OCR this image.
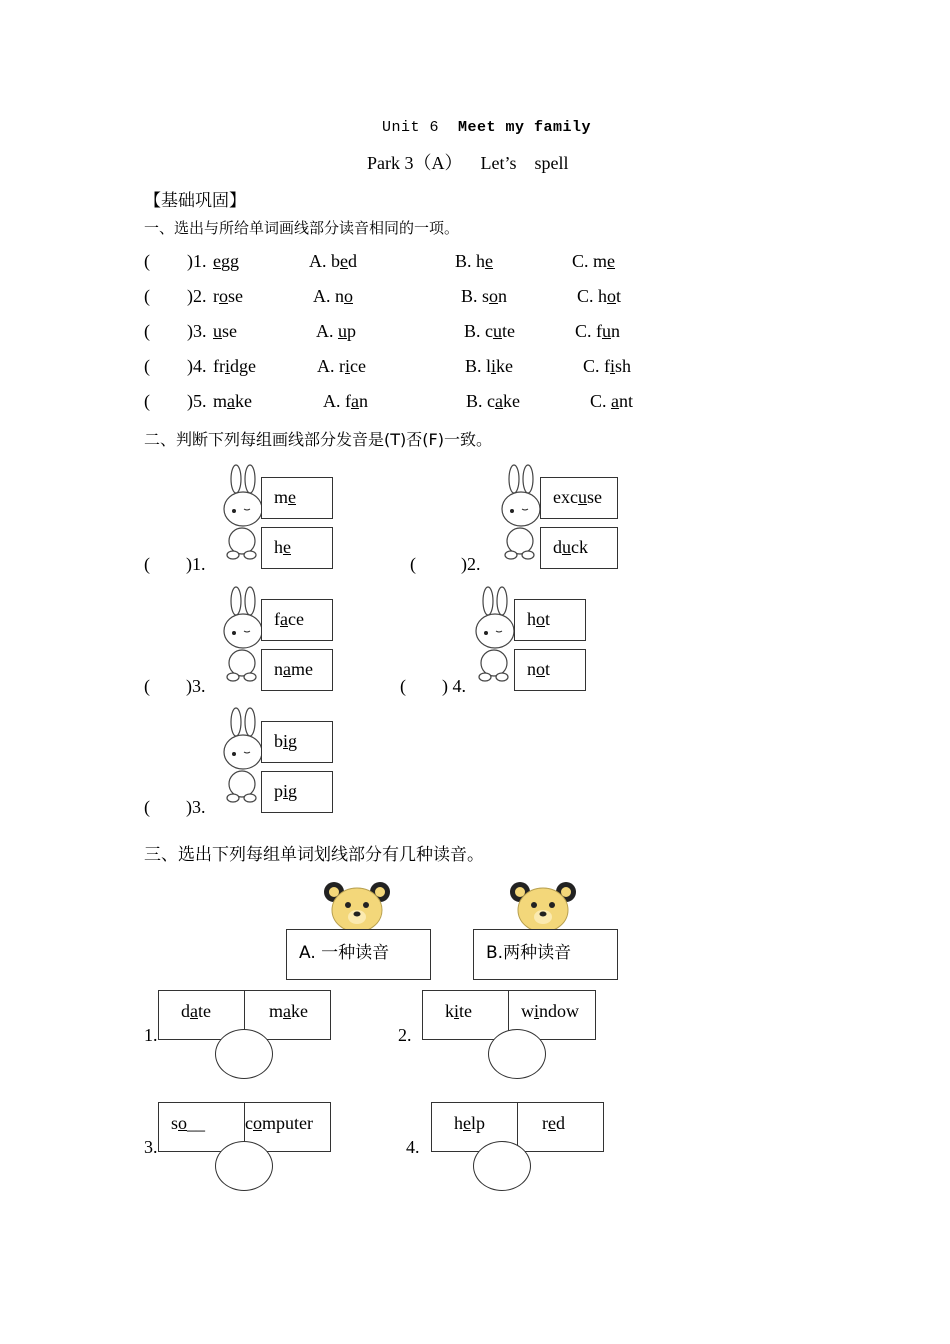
Unit 6 Meet my family
Park 3（A） Let’s spell
【基础巩固】
一、选出与所给单词画线部分读音相同的一项。
( )1. egg	A. bed	B. he	C. me
( )2. rose	A. no	B. son	C. hot
( )3. use	A. up	B. cute	C. fun
( )4. fridge	A. rice	B. like	C. fish
( )5. make	A. fan	B. cake	C. ant
二、判断下列每组画线部分发音是(T)否(F)一致。
me
he
(        )1.
excuse
duck
(          )2.
face
name
(        )3.
hot
not
(        ) 4.
big
pig
(        )3.
三、选出下列每组单词划线部分有几种读音。
A. 一种读音	B.两种读音
1.
date	make
2.
kite	window
3.
so__ computer
4.
help	red
